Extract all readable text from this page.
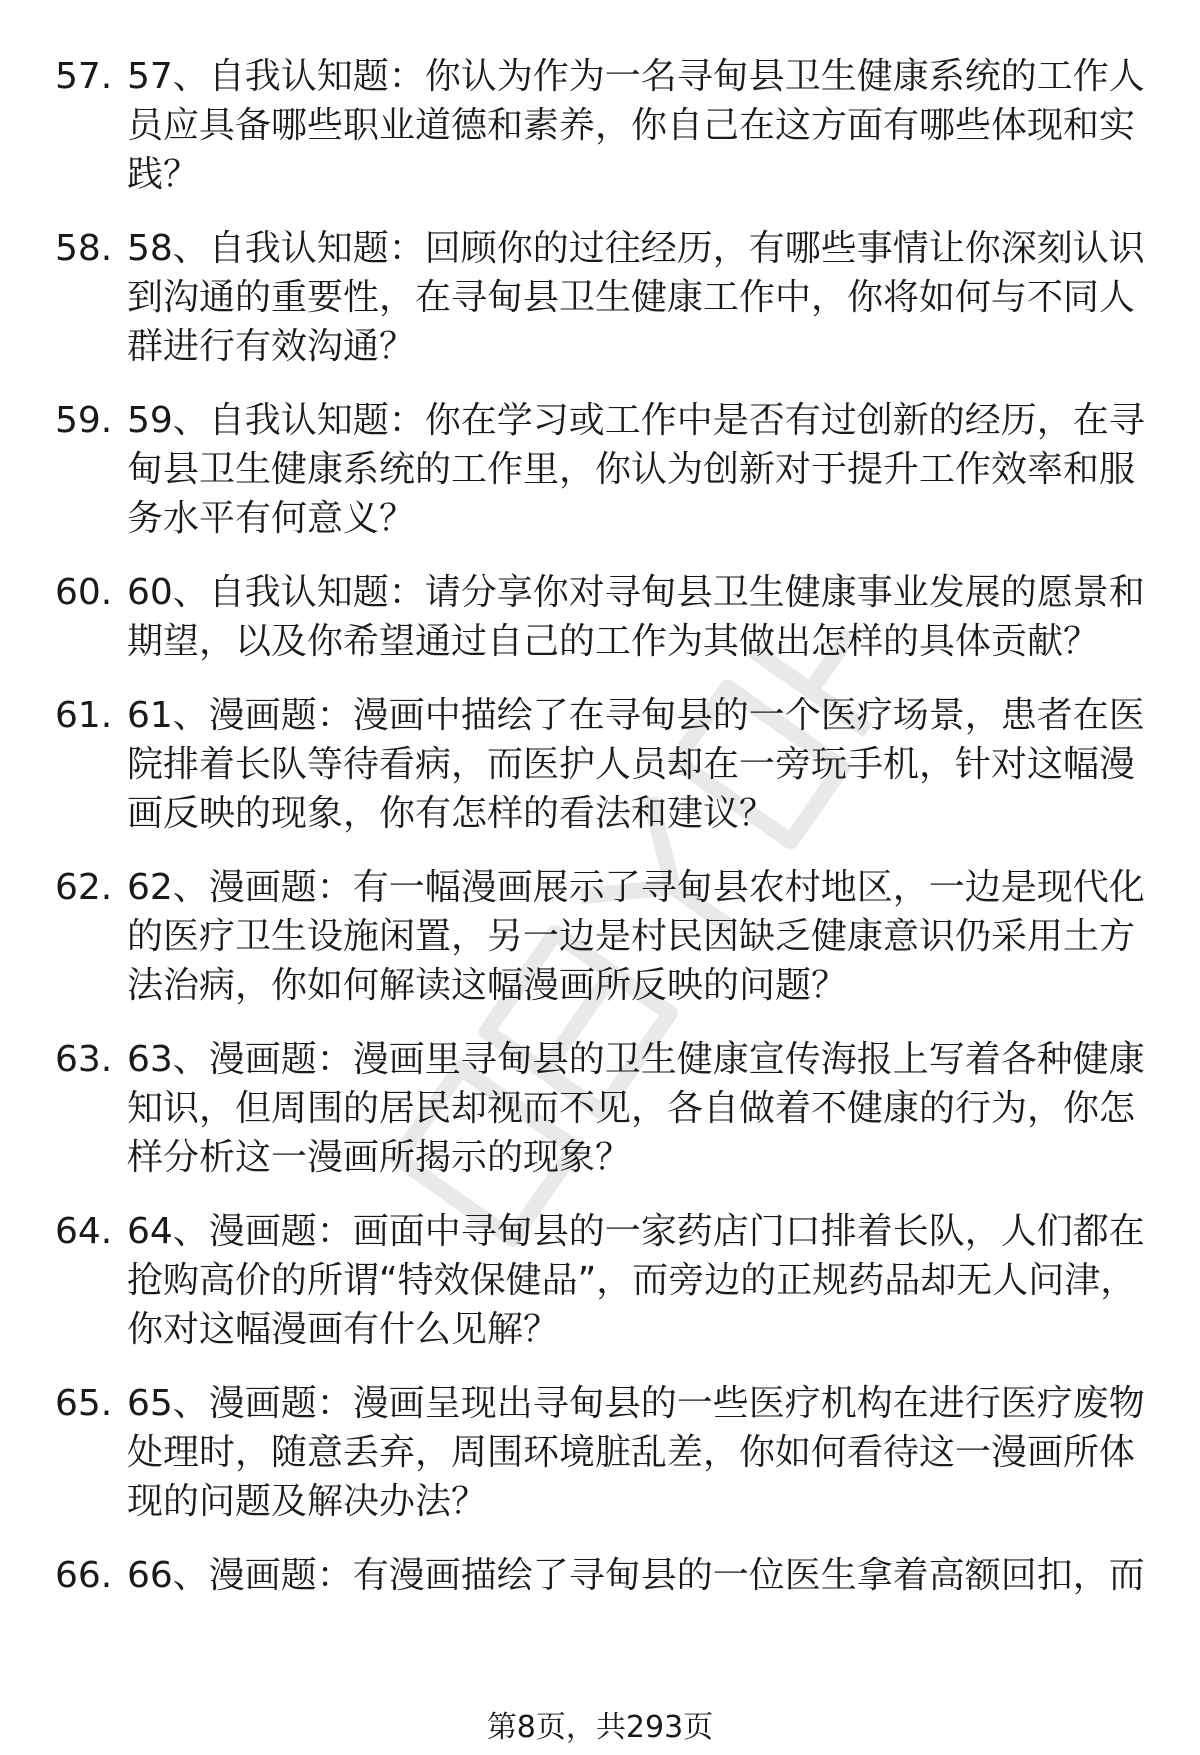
57. 57、自我认知题：你认为作为一名寻甸县卫生健康系统的工作人员应具备哪些职业道德和素养，你自己在这方面有哪些体现和实践？
58. 58、自我认知题：回顾你的过往经历，有哪些事情让你深刻认识到沟通的重要性，在寻甸县卫生健康工作中，你将如何与不同人群进行有效沟通？
59. 59、自我认知题：你在学习或工作中是否有过创新的经历，在寻甸县卫生健康系统的工作里，你认为创新对于提升工作效率和服务水平有何意义？
60. 60、自我认知题：请分享你对寻甸县卫生健康事业发展的愿景和期望，以及你希望通过自己的工作为其做出怎样的具体贡献？
61. 61、漫画题：漫画中描绘了在寻甸县的一个医疗场景，患者在医院排着长队等待看病，而医护人员却在一旁玩手机，针对这幅漫画反映的现象，你有怎样的看法和建议？
62. 62、漫画题：有一幅漫画展示了寻甸县农村地区，一边是现代化的医疗卫生设施闲置，另一边是村民因缺乏健康意识仍采用土方法治病，你如何解读这幅漫画所反映的问题？
63. 63、漫画题：漫画里寻甸县的卫生健康宣传海报上写着各种健康知识，但周围的居民却视而不见，各自做着不健康的行为，你怎样分析这一漫画所揭示的现象？
64. 64、漫画题：画面中寻甸县的一家药店门口排着长队，人们都在抢购高价的所谓“特效保健品”，而旁边的正规药品却无人问津，你对这幅漫画有什么见解？
65. 65、漫画题：漫画呈现出寻甸县的一些医疗机构在进行医疗废物处理时，随意丢弃，周围环境脏乱差，你如何看待这一漫画所体现的问题及解决办法？
66. 66、漫画题：有漫画描绘了寻甸县的一位医生拿着高额回扣，而
第8页，共293页
